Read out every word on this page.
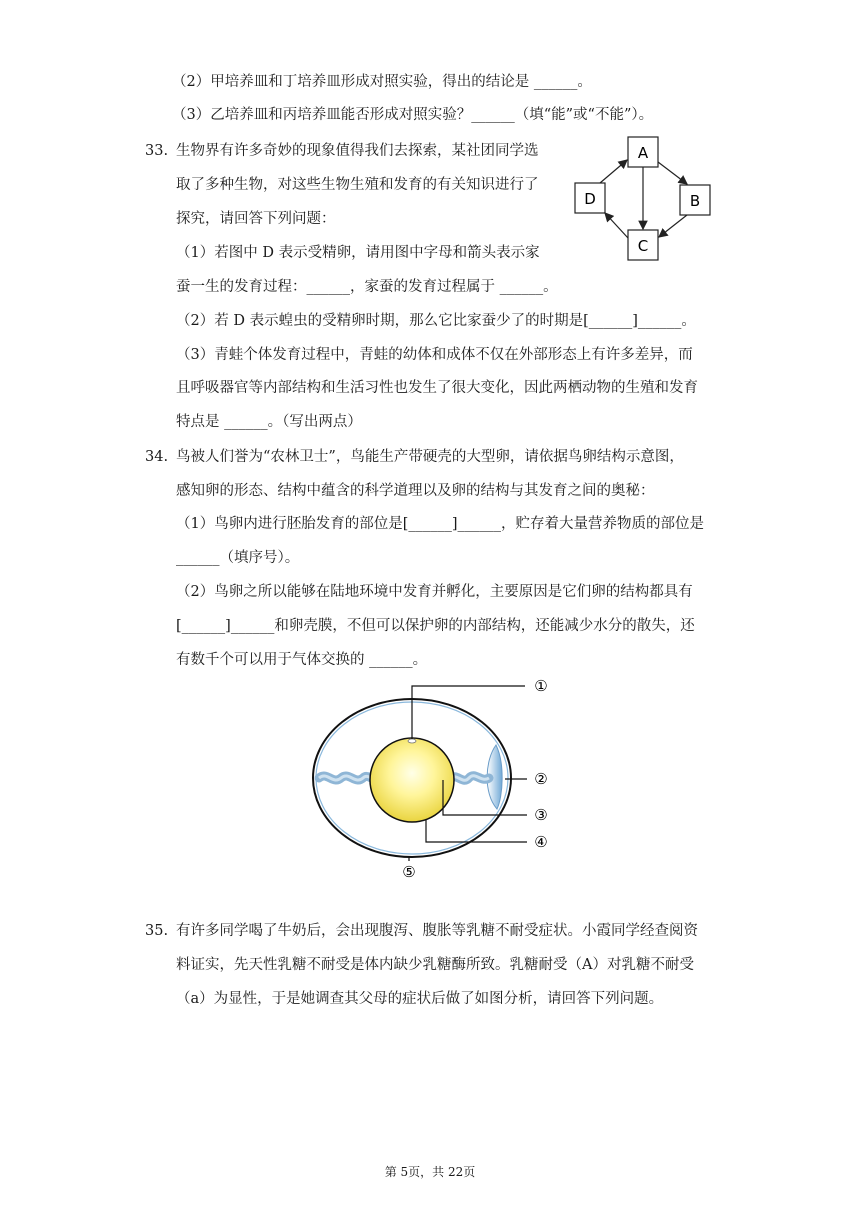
（2）甲培养皿和丁培养皿形成对照实验，得出的结论是 ______。
（3）乙培养皿和丙培养皿能否形成对照实验？______（填“能”或“不能”）。
33. 生物界有许多奇妙的现象值得我们去探索，某社团同学选
取了多种生物，对这些生物生殖和发育的有关知识进行了
探究，请回答下列问题：
（1）若图中 D 表示受精卵，请用图中字母和箭头表示家
蚕一生的发育过程：______，家蚕的发育过程属于 ______。
（2）若 D 表示蝗虫的受精卵时期，那么它比家蚕少了的时期是[______]______。
（3）青蛙个体发育过程中，青蛙的幼体和成体不仅在外部形态上有许多差异，而
且呼吸器官等内部结构和生活习性也发生了很大变化，因此两栖动物的生殖和发育
特点是 ______。（写出两点）
A
B
C
D
34. 鸟被人们誉为“农林卫士”，鸟能生产带硬壳的大型卵，请依据鸟卵结构示意图，
感知卵的形态、结构中蕴含的科学道理以及卵的结构与其发育之间的奥秘：
（1）鸟卵内进行胚胎发育的部位是[______]______，贮存着大量营养物质的部位是
______（填序号）。
（2）鸟卵之所以能够在陆地环境中发育并孵化，主要原因是它们卵的结构都具有
[______]______和卵壳膜，不但可以保护卵的内部结构，还能减少水分的散失，还
有数千个可以用于气体交换的 ______。
①
②
③
④
⑤
35. 有许多同学喝了牛奶后，会出现腹泻、腹胀等乳糖不耐受症状。小霞同学经查阅资
料证实，先天性乳糖不耐受是体内缺少乳糖酶所致。乳糖耐受（A）对乳糖不耐受
（a）为显性，于是她调查其父母的症状后做了如图分析，请回答下列问题。
第 5页，共 22页
